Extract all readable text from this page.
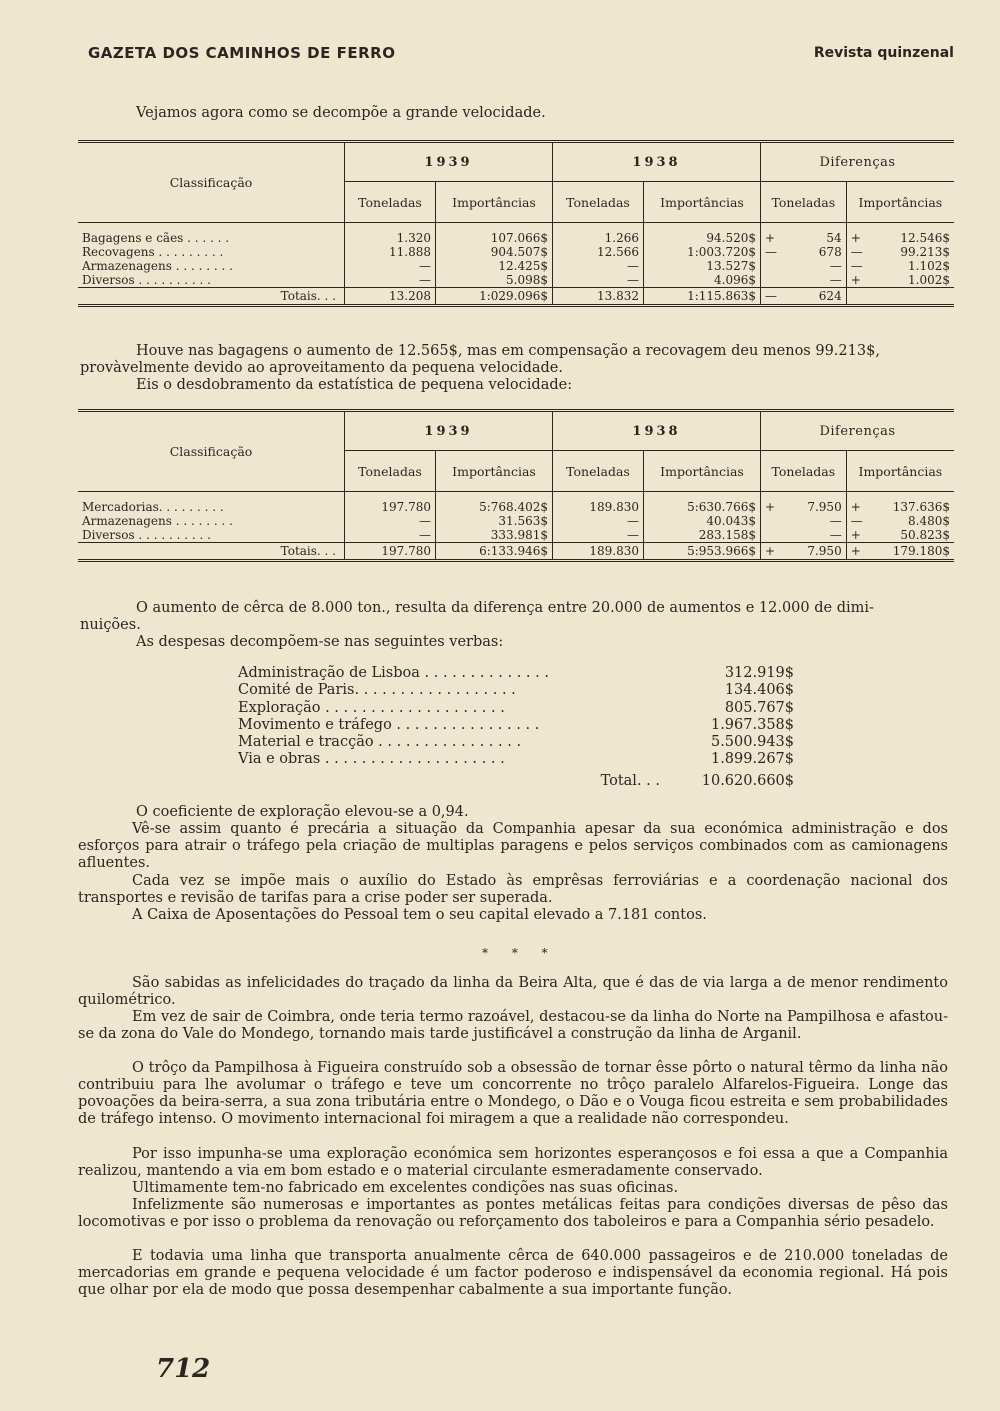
GAZETA DOS CAMINHOS DE FERRO	Revista quinzenal

Vejamos agora como se decompõe a grande velocidade.

Classificação	1939		1938		Diferenças			
	Toneladas	Importâncias	Toneladas	Importâncias	Toneladas		Importâncias	
Bagagens e cães . . . . . .	1.320	107.066$	1.266	94.520$	+	54	+	12.546$
Recovagens . . . . . . . . .	11.888	904.507$	12.566	1:003.720$	—	678	—	99.213$
Armazenagens . . . . . . . .	—	12.425$	—	13.527$		—	—	1.102$
Diversos . . . . . . . . . .	—	5.098$	—	4.096$		—	+	1.002$
Totais. . .	13.208	1:029.096$	13.832	1:115.863$	—	624		

Houve nas bagagens o aumento de 12.565$, mas em compensação a recovagem deu menos 99.213$,

provàvelmente devido ao aproveitamento da pequena velocidade.

Eis o desdobramento da estatística de pequena velocidade:

Classificação	1939		1938		Diferenças			
	Toneladas	Importâncias	Toneladas	Importâncias	Toneladas		Importâncias	
Mercadorias. . . . . . . . .	197.780	5:768.402$	189.830	5:630.766$	+	7.950	+	137.636$
Armazenagens . . . . . . . .	—	31.563$	—	40.043$		—	—	8.480$
Diversos . . . . . . . . . .	—	333.981$	—	283.158$		—	+	50.823$
Totais. . .	197.780	6:133.946$	189.830	5:953.966$	+	7.950	+	179.180$

O aumento de cêrca de 8.000 ton., resulta da diferença entre 20.000 de aumentos e 12.000 de dimi-

nuições.

As despesas decompõem-se nas seguintes verbas:

Administração de Lisboa . . . . . . . . . . . . . .	312.919$
Comité de Paris. . . . . . . . . . . . . . . . . .	134.406$
Exploração . . . . . . . . . . . . . . . . . . . .	805.767$
Movimento e tráfego . . . . . . . . . . . . . . . .	1.967.358$
Material e tracção . . . . . . . . . . . . . . . .	5.500.943$
Via e obras . . . . . . . . . . . . . . . . . . . .	1.899.267$
Total. . .	10.620.660$

O coeficiente de exploração elevou-se a 0,94.

Vê-se assim quanto é precária a situação da Companhia apesar da sua económica administração e dos esforços para atrair o tráfego pela criação de multiplas paragens e pelos serviços combinados com as camionagens afluentes.

Cada vez se impõe mais o auxílio do Estado às emprêsas ferroviárias e a coordenação nacional dos transportes e revisão de tarifas para a crise poder ser superada.

A Caixa de Aposentações do Pessoal tem o seu capital elevado a 7.181 contos.

* * *

São sabidas as infelicidades do traçado da linha da Beira Alta, que é das de via larga a de menor rendimento quilométrico.

Em vez de sair de Coimbra, onde teria termo razoável, destacou-se da linha do Norte na Pampilhosa e afastou-se da zona do Vale do Mondego, tornando mais tarde justificável a construção da linha de Arganil.

O trôço da Pampilhosa à Figueira construído sob a obsessão de tornar êsse pôrto o natural têrmo da linha não contribuiu para lhe avolumar o tráfego e teve um concorrente no trôço paralelo Alfarelos-Figueira. Longe das povoações da beira-serra, a sua zona tributária entre o Mondego, o Dão e o Vouga ficou estreita e sem probabilidades de tráfego intenso. O movimento internacional foi miragem a que a realidade não correspondeu.

Por isso impunha-se uma exploração económica sem horizontes esperançosos e foi essa a que a Companhia realizou, mantendo a via em bom estado e o material circulante esmeradamente conservado.

Ultimamente tem-no fabricado em excelentes condições nas suas oficinas.

Infelizmente são numerosas e importantes as pontes metálicas feitas para condições diversas de pêso das locomotivas e por isso o problema da renovação ou reforçamento dos taboleiros e para a Companhia sério pesadelo.

E todavia uma linha que transporta anualmente cêrca de 640.000 passageiros e de 210.000 toneladas de mercadorias em grande e pequena velocidade é um factor poderoso e indispensável da economia regional. Há pois que olhar por ela de modo que possa desempenhar cabalmente a sua importante função.

712
